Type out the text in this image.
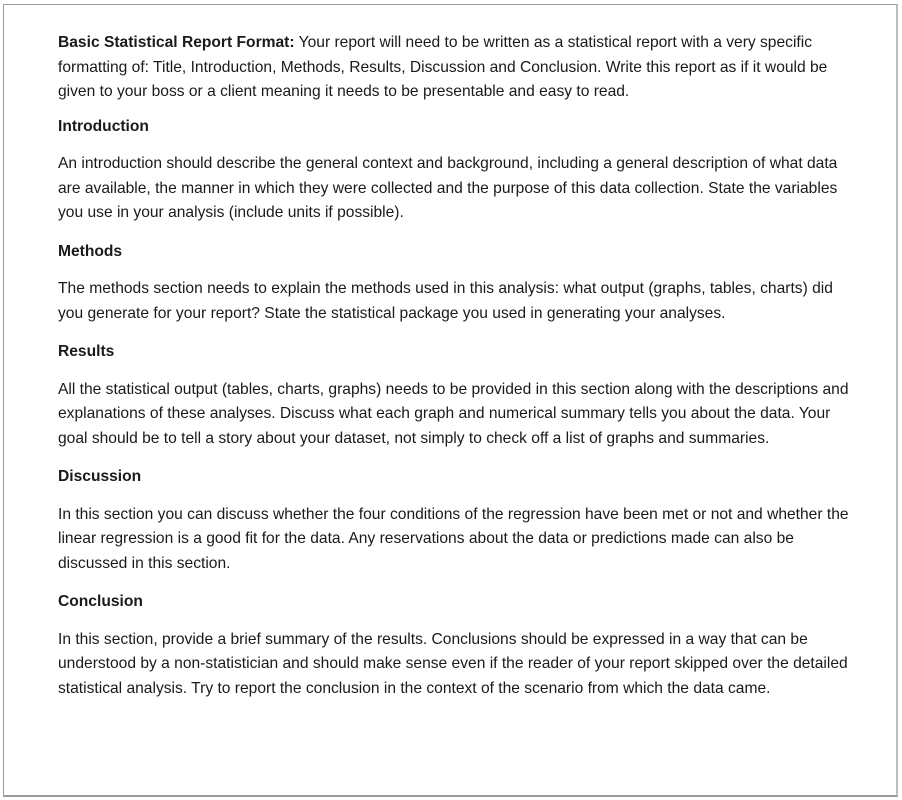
Basic Statistical Report Format: Your report will need to be written as a statistical report with a very specific formatting of: Title, Introduction, Methods, Results, Discussion and Conclusion. Write this report as if it would be given to your boss or a client meaning it needs to be presentable and easy to read.

Introduction

An introduction should describe the general context and background, including a general description of what data are available, the manner in which they were collected and the purpose of this data collection. State the variables you use in your analysis (include units if possible).

Methods

The methods section needs to explain the methods used in this analysis: what output (graphs, tables, charts) did you generate for your report? State the statistical package you used in generating your analyses.

Results

All the statistical output (tables, charts, graphs) needs to be provided in this section along with the descriptions and explanations of these analyses. Discuss what each graph and numerical summary tells you about the data. Your goal should be to tell a story about your dataset, not simply to check off a list of graphs and summaries.

Discussion

In this section you can discuss whether the four conditions of the regression have been met or not and whether the linear regression is a good fit for the data. Any reservations about the data or predictions made can also be discussed in this section.

Conclusion

In this section, provide a brief summary of the results. Conclusions should be expressed in a way that can be understood by a non-statistician and should make sense even if the reader of your report skipped over the detailed statistical analysis. Try to report the conclusion in the context of the scenario from which the data came.
